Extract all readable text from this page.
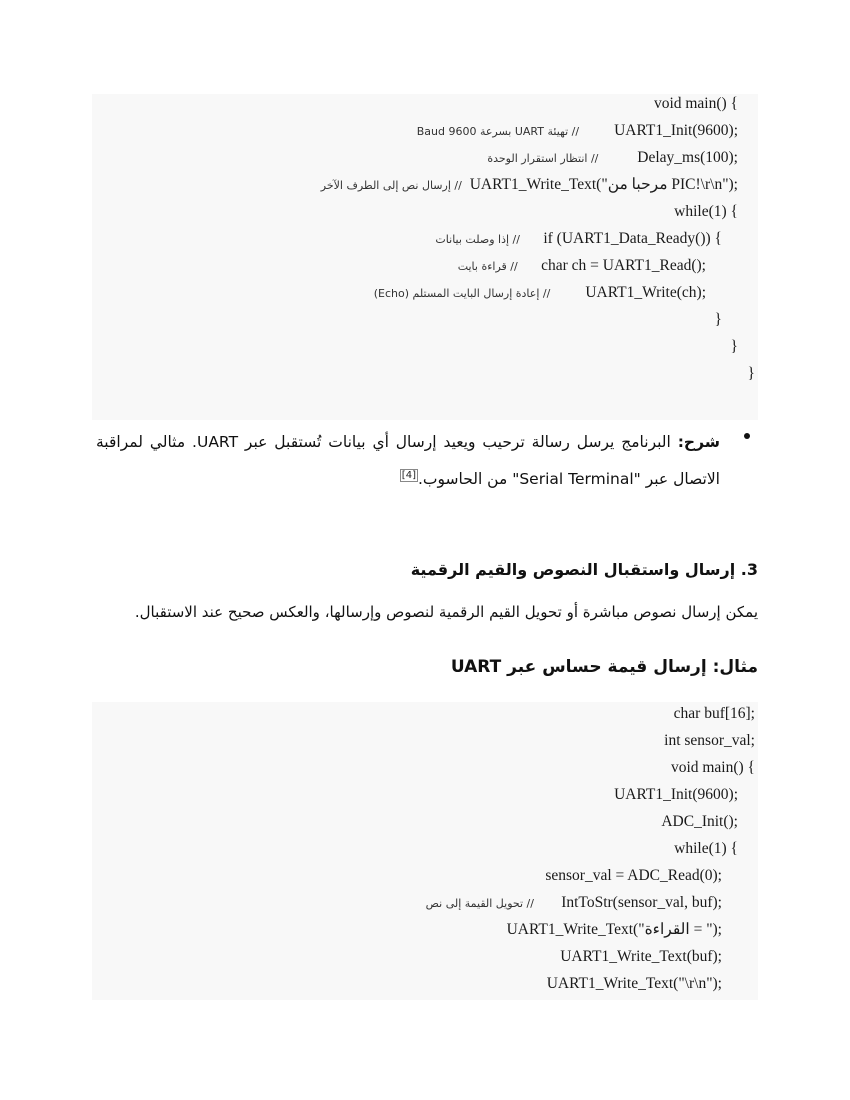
void main() {
// تهيئة UART بسرعة 9600 Baud UART1_Init(9600);
// انتظار استقرار الوحدة	Delay_ms(100);
// إرسال نص إلى الطرف الآخر UART1_Write_Text("مرحبا من PIC!\r\n");
while(1) {
// إذا وصلت بيانات if (UART1_Data_Ready()) {
// قراءة بايت char ch = UART1_Read();
// إعادة إرسال البايت المستلم (Echo) UART1_Write(ch);
}
}
}
شرح: البرنامج يرسل رسالة ترحيب ويعيد إرسال أي بيانات تُستقبل عبر UART. مثالي لمراقبة الاتصال عبر "Serial Terminal" من الحاسوب.[4]
3. إرسال واستقبال النصوص والقيم الرقمية
يمكن إرسال نصوص مباشرة أو تحويل القيم الرقمية لنصوص وإرسالها، والعكس صحيح عند الاستقبال.
مثال: إرسال قيمة حساس عبر UART
char buf[16];
int sensor_val;
void main() {
UART1_Init(9600);
ADC_Init();
while(1) {
sensor_val = ADC_Read(0);
// تحويل القيمة إلى نص IntToStr(sensor_val, buf);
UART1_Write_Text("القراءة = ");
UART1_Write_Text(buf);
UART1_Write_Text("\r\n");
